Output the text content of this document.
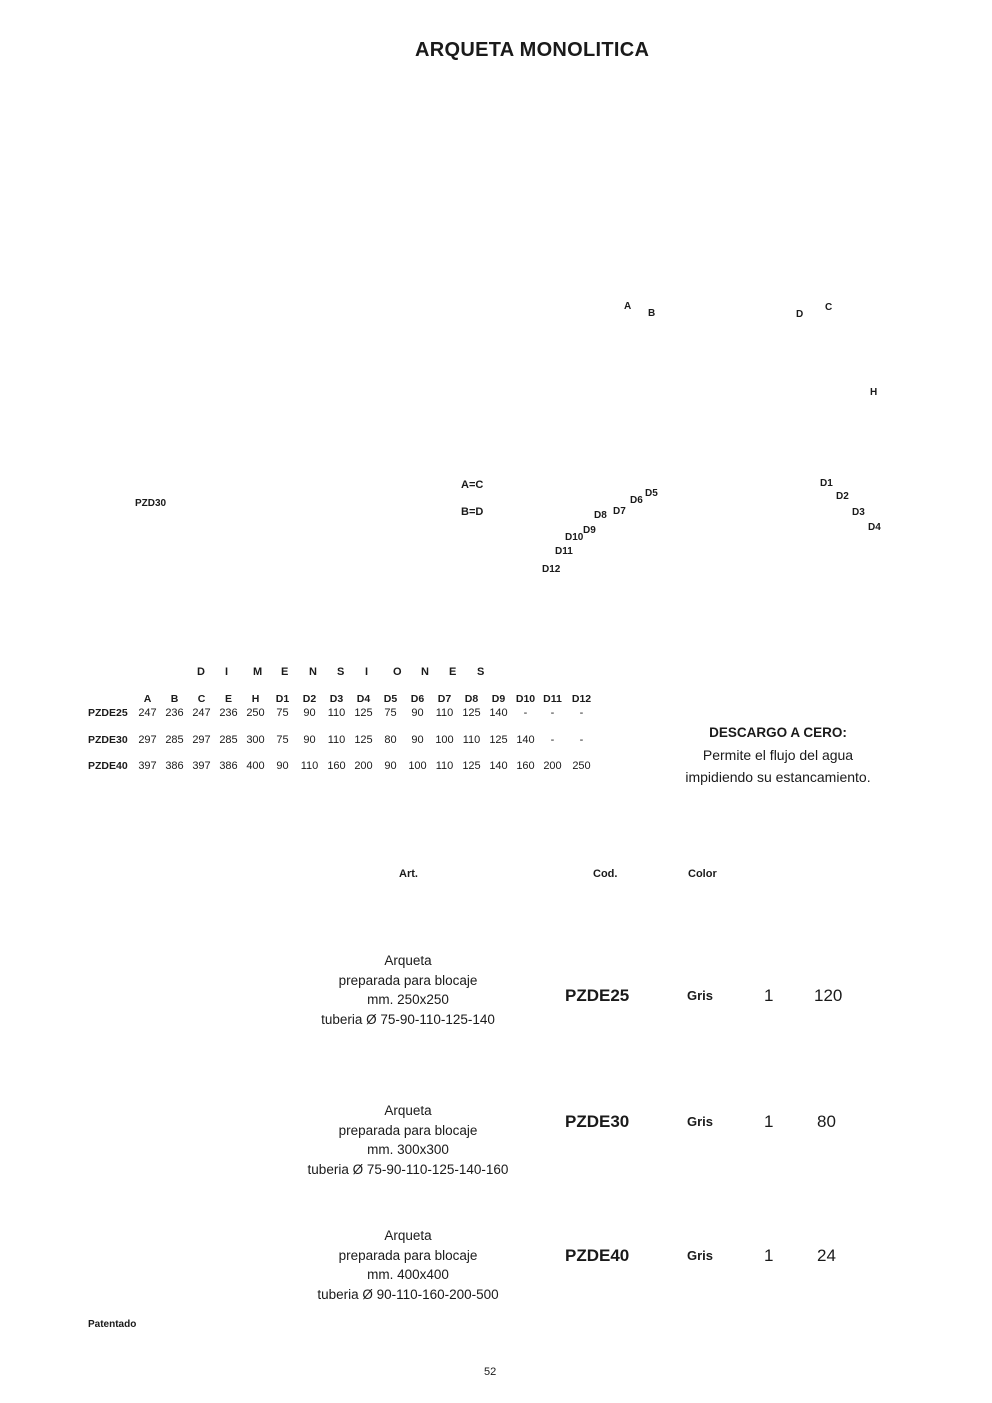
ARQUETA MONOLITICA
A
B
C
D
H
PZD30
A=C
B=D
D1
D2
D3
D4
D5
D6
D7
D8
D9
D10
D11
D12
D I M E N S I O N E S
	A	B	C	E	H	D1	D2	D3	D4	D5	D6	D7	D8	D9	D10	D11	D12
PZDE25	247	236	247	236	250	75	90	110	125	75	90	110	125	140	-	-	-
PZDE30	297	285	297	285	300	75	90	110	125	80	90	100	110	125	140	-	-
PZDE40	397	386	397	386	400	90	110	160	200	90	100	110	125	140	160	200	250
DESCARGO A CERO:
Permite el flujo del agua
impidiendo su estancamiento.
Art.	Cod.	Color
Arqueta
preparada para blocaje
mm. 250x250
tuberia Ø 75-90-110-125-140
PZDE25	Gris	1 120
Arqueta
preparada para blocaje
mm. 300x300
tuberia Ø 75-90-110-125-140-160
PZDE30	Gris	1	80
Arqueta
preparada para blocaje
mm. 400x400
tuberia Ø 90-110-160-200-500
PZDE40	Gris	1	24
Patentado
52
